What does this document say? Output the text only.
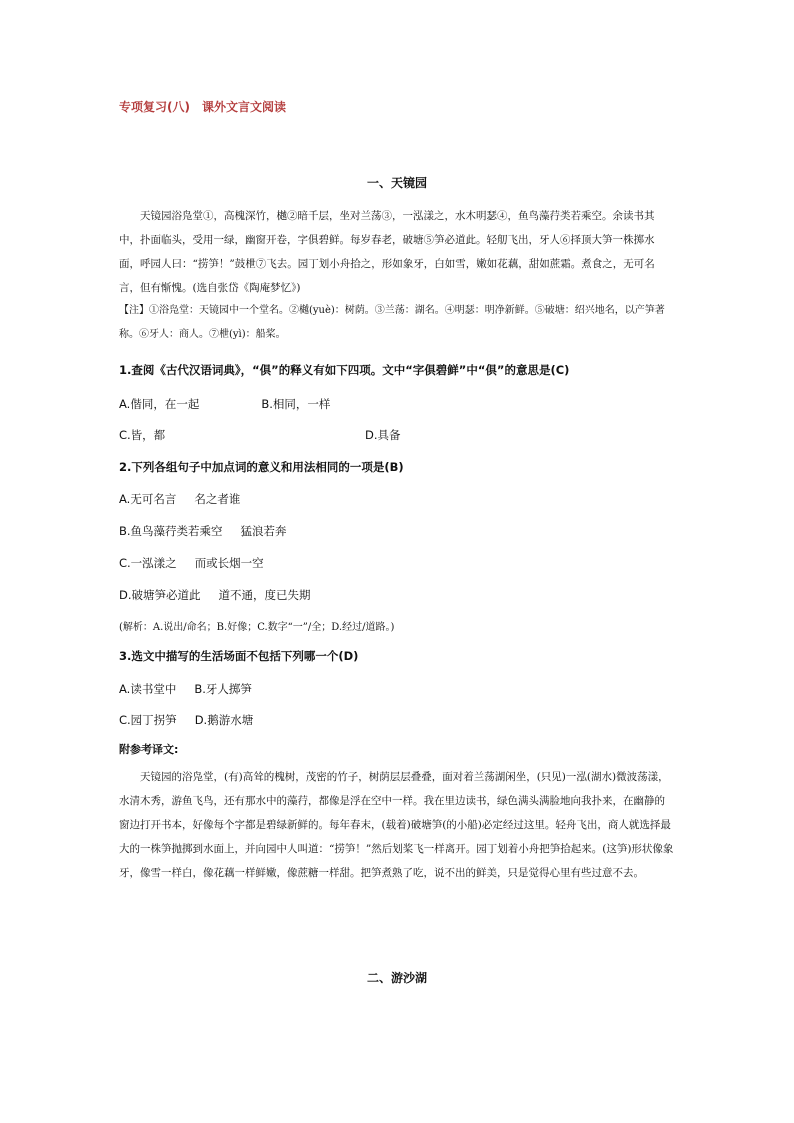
专项复习(八)　课外文言文阅读
一、天镜园
天镜园浴凫堂①，高槐深竹，樾②暗千层，坐对兰荡③，一泓漾之，水木明瑟④，鱼鸟藻荇类若乘空。余读书其中，扑面临头，受用一绿，幽窗开卷，字俱碧鲜。每岁春老，破塘⑤笋必道此。轻舠飞出，牙人⑥择顶大笋一株掷水面，呼园人曰：“捞笋！”鼓枻⑦飞去。园丁划小舟拾之，形如象牙，白如雪，嫩如花藕，甜如蔗霜。煮食之，无可名言，但有惭愧。(选自张岱《陶庵梦忆》)
【注】①浴凫堂：天镜园中一个堂名。②樾(yuè)：树荫。③兰荡：湖名。④明瑟：明净新鲜。⑤破塘：绍兴地名，以产笋著称。⑥牙人：商人。⑦枻(yì)：船桨。
1.查阅《古代汉语词典》，“俱”的释义有如下四项。文中“字俱碧鲜”中“俱”的意思是(C)
A.偕同，在一起	B.相同，一样
C.皆，都	D.具备
2.下列各组句子中加点词的意义和用法相同的一项是(B)
A.无可名言 名之者谁
B.鱼鸟藻荇类若乘空 猛浪若奔
C.一泓漾之 而或长烟一空
D.破塘笋必道此 道不通，度已失期
(解析：A.说出/命名；B.好像；C.数字“一”/全；D.经过/道路。)
3.选文中描写的生活场面不包括下列哪一个(D)
A.读书堂中 B.牙人掷笋
C.园丁拐笋 D.鹅游水塘
附参考译文:
天镜园的浴凫堂，(有)高耸的槐树，茂密的竹子，树荫层层叠叠，面对着兰荡湖闲坐，(只见)一泓(湖水)微波荡漾，水清木秀，游鱼飞鸟，还有那水中的藻荇，都像是浮在空中一样。我在里边读书，绿色满头满脸地向我扑来，在幽静的窗边打开书本，好像每个字都是碧绿新鲜的。每年春末，(载着)破塘笋(的小船)必定经过这里。轻舟飞出，商人就选择最大的一株笋抛掷到水面上，并向园中人叫道：“捞笋！”然后划桨飞一样离开。园丁划着小舟把笋拾起来。(这笋)形状像象牙，像雪一样白，像花藕一样鲜嫩，像蔗糖一样甜。把笋煮熟了吃，说不出的鲜美，只是觉得心里有些过意不去。
二、游沙湖
